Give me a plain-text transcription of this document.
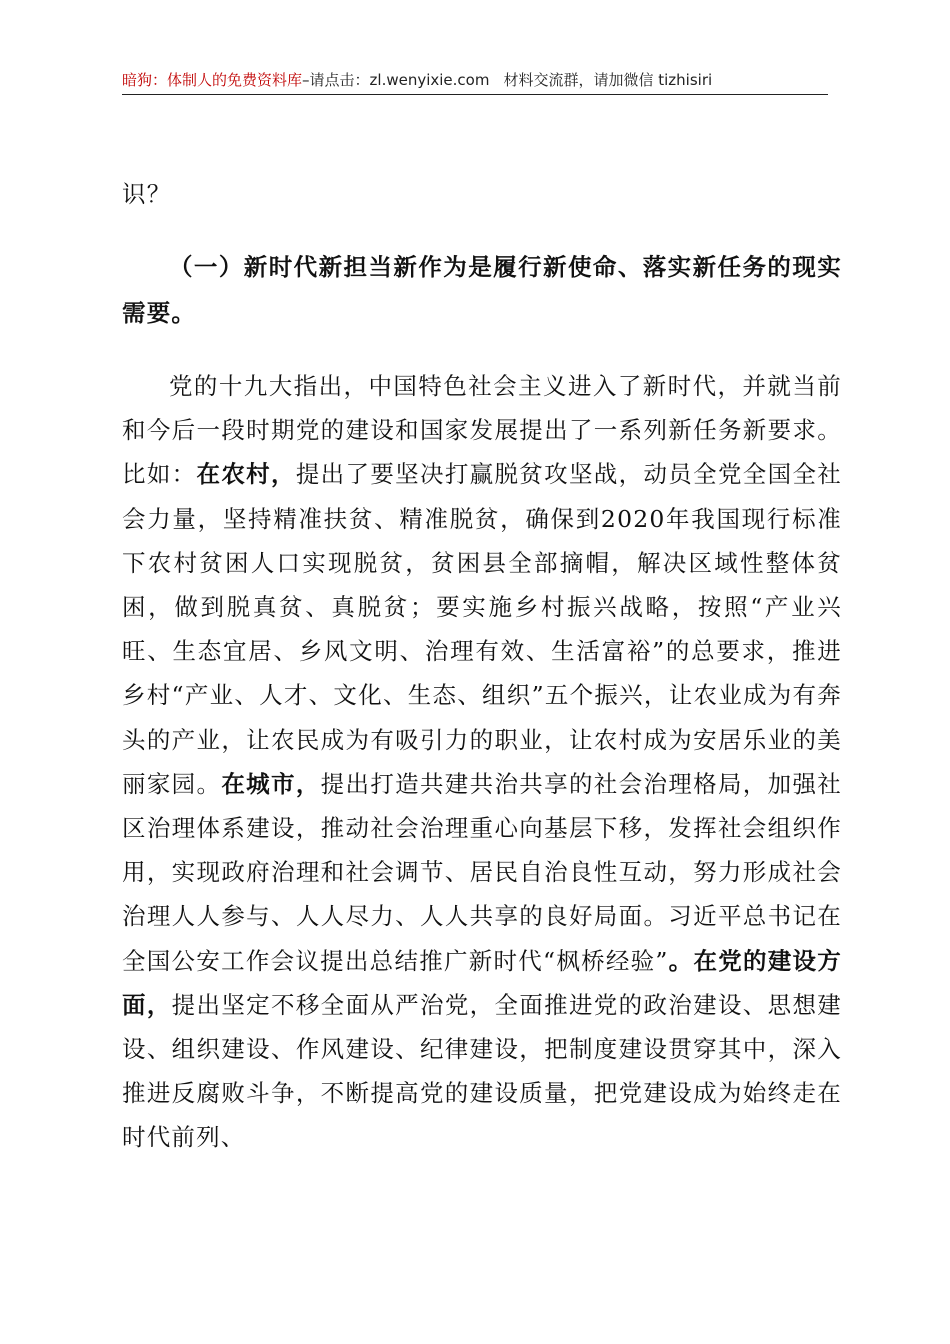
暗狗：体制人的免费资料库–请点击：zl.wenyixie.com 材料交流群，请加微信 tizhisiri

识？

（一）新时代新担当新作为是履行新使命、落实新任务的现实需要。

党的十九大指出，中国特色社会主义进入了新时代，并就当前和今后一段时期党的建设和国家发展提出了一系列新任务新要求。比如：在农村，提出了要坚决打赢脱贫攻坚战，动员全党全国全社会力量，坚持精准扶贫、精准脱贫，确保到2020年我国现行标准下农村贫困人口实现脱贫，贫困县全部摘帽，解决区域性整体贫困，做到脱真贫、真脱贫；要实施乡村振兴战略，按照“产业兴旺、生态宜居、乡风文明、治理有效、生活富裕”的总要求，推进乡村“产业、人才、文化、生态、组织”五个振兴，让农业成为有奔头的产业，让农民成为有吸引力的职业，让农村成为安居乐业的美丽家园。在城市，提出打造共建共治共享的社会治理格局，加强社区治理体系建设，推动社会治理重心向基层下移，发挥社会组织作用，实现政府治理和社会调节、居民自治良性互动，努力形成社会治理人人参与、人人尽力、人人共享的良好局面。习近平总书记在全国公安工作会议提出总结推广新时代“枫桥经验”。在党的建设方面，提出坚定不移全面从严治党，全面推进党的政治建设、思想建设、组织建设、作风建设、纪律建设，把制度建设贯穿其中，深入推进反腐败斗争，不断提高党的建设质量，把党建设成为始终走在时代前列、
